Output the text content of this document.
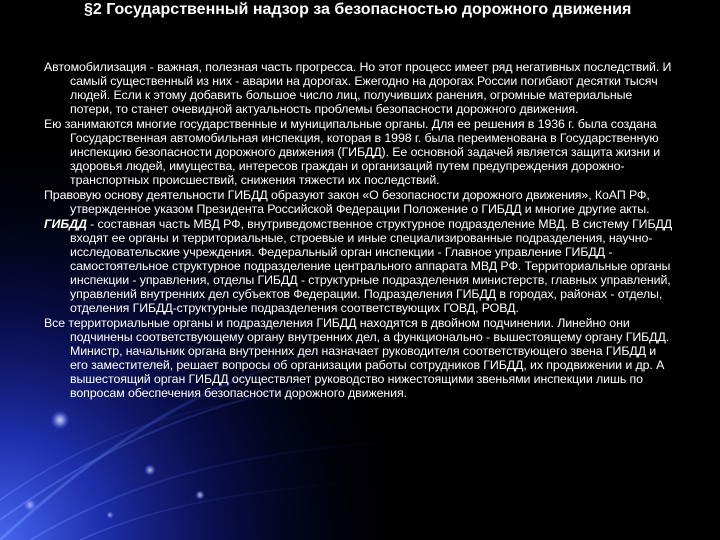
§2 Государственный надзор за безопасностью дорожного движения
Автомобилизация - важная, полезная часть прогресса. Но этот процесс имеет ряд негативных последствий. И самый существенный из них - аварии на дорогах. Ежегодно на дорогах России погибают десятки тысяч людей. Если к этому добавить большое число лиц, получивших ранения, огромные материальные потери, то станет очевидной актуальность проблемы безопасности дорожного движения.
Ею занимаются многие государственные и муниципальные органы. Для ее решения в 1936 г. была создана Государственная автомобильная инспекция, которая в 1998 г. была переименована в Государственную инспекцию безопасности дорожного движения (ГИБДД). Ее основной задачей является защита жизни и здоровья людей, имущества, интересов граждан и организаций путем предупреждения дорожно-транспортных происшествий, снижения тяжести их последствий.
Правовую основу деятельности ГИБДД образуют закон «О безопасности дорожного движения», КоАП РФ, утвержденное указом Президента Российской Федерации Положение о ГИБДД и многие другие акты.
ГИБДД - составная часть МВД РФ, внутриведомственное структурное подразделение МВД. В систему ГИБДД входят ее органы и территориальные, строевые и иные специализированные подразделения, научно-исследовательские учреждения. Федеральный орган инспекции - Главное управление ГИБДД - самостоятельное структурное подразделение центрального аппарата МВД РФ. Территориальные органы инспекции - управления, отделы ГИБДД - структурные подразделения министерств, главных управлений, управлений внутренних дел субъектов Федерации. Подразделения ГИБДД в городах, районах - отделы, отделения ГИБДД-структурные подразделения соответствующих ГОВД, РОВД.
Все территориальные органы и подразделения ГИБДД находятся в двойном подчинении. Линейно они подчинены соответствующему органу внутренних дел, а функционально - вышестоящему органу ГИБДД. Министр, начальник органа внутренних дел назначает руководителя соответствующего звена ГИБДД и его заместителей, решает вопросы об организации работы сотрудников ГИБДД, их продвижении и др. А вышестоящий орган ГИБДД осуществляет руководство нижестоящими звеньями инспекции лишь по вопросам обеспечения безопасности дорожного движения.
